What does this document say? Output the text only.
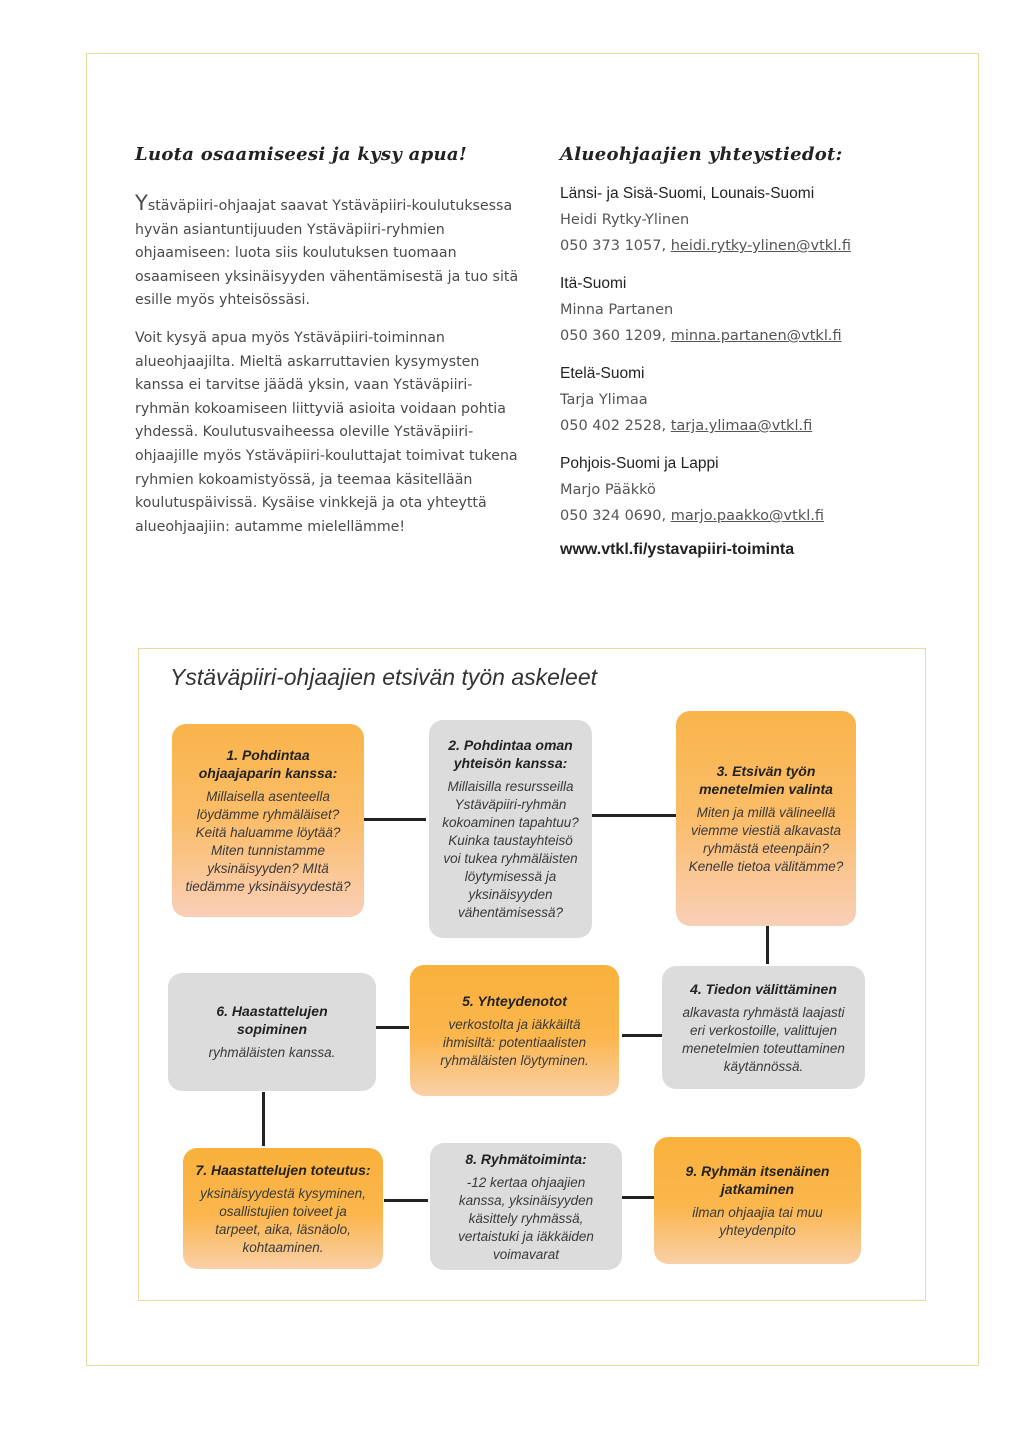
Luota osaamiseesi ja kysy apua!

Ystäväpiiri-ohjaajat saavat Ystäväpiiri-koulutuksessa hyvän asiantuntijuuden Ystäväpiiri-ryhmien ohjaamiseen: luota siis koulutuksen tuomaan osaamiseen yksinäisyyden vähentämisestä ja tuo sitä esille myös yhteisössäsi.

Voit kysyä apua myös Ystäväpiiri-toiminnan alueohjaajilta. Mieltä askarruttavien kysymysten kanssa ei tarvitse jäädä yksin, vaan Ystäväpiiri-ryhmän kokoamiseen liittyviä asioita voidaan pohtia yhdessä. Koulutusvaiheessa oleville Ystäväpiiri-ohjaajille myös Ystäväpiiri-kouluttajat toimivat tukena ryhmien kokoamistyössä, ja teemaa käsitellään koulutuspäivissä. Kysäise vinkkejä ja ota yhteyttä alueohjaajiin: autamme mielellämme!

Alueohjaajien yhteystiedot:
Länsi- ja Sisä-Suomi, Lounais-Suomi
Heidi Rytky-Ylinen
050 373 1057, heidi.rytky-ylinen@vtkl.fi
Itä-Suomi
Minna Partanen
050 360 1209, minna.partanen@vtkl.fi
Etelä-Suomi
Tarja Ylimaa
050 402 2528, tarja.ylimaa@vtkl.fi
Pohjois-Suomi ja Lappi
Marjo Pääkkö
050 324 0690, marjo.paakko@vtkl.fi
www.vtkl.fi/ystavapiiri-toiminta
Ystäväpiiri-ohjaajien etsivän työn askeleet
1. Pohdintaa ohjaajaparin kanssa:
Millaisella asenteella löydämme ryhmäläiset? Keitä haluamme löytää? Miten tunnistamme yksinäisyyden? MItä tiedämme yksinäisyydestä?
2. Pohdintaa oman yhteisön kanssa:
Millaisilla resursseilla Ystäväpiiri-ryhmän kokoaminen tapahtuu? Kuinka taustayhteisö voi tukea ryhmäläisten löytymisessä ja yksinäisyyden vähentämisessä?
3. Etsivän työn menetelmien valinta
Miten ja millä välineellä viemme viestiä alkavasta ryhmästä eteenpäin? Kenelle tietoa välitämme?
4. Tiedon välittäminen
alkavasta ryhmästä laajasti eri verkostoille, valittujen menetelmien toteuttaminen käytännössä.
5. Yhteydenotot
verkostolta ja iäkkäiltä ihmisiltä: potentiaalisten ryhmäläisten löytyminen.
6. Haastattelujen sopiminen
ryhmäläisten kanssa.
7. Haastattelujen toteutus:
yksinäisyydestä kysyminen, osallistujien toiveet ja tarpeet, aika, läsnäolo, kohtaaminen.
8. Ryhmätoiminta:
-12 kertaa ohjaajien kanssa, yksinäisyyden käsittely ryhmässä, vertaistuki ja iäkkäiden voimavarat
9. Ryhmän itsenäinen jatkaminen
ilman ohjaajia tai muu yhteydenpito
